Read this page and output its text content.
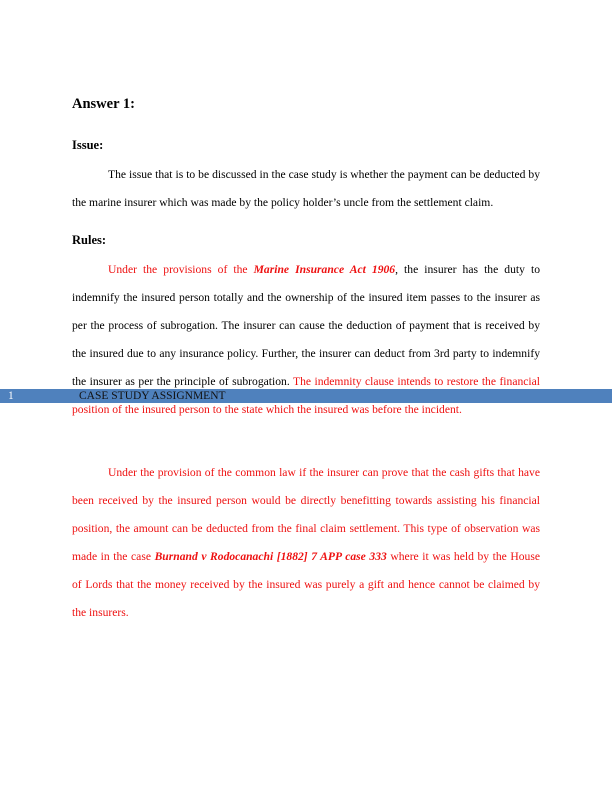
Answer 1:
Issue:

The issue that is to be discussed in the case study is whether the payment can be deducted by the marine insurer which was made by the policy holder’s uncle from the settlement claim.

Rules:

Under the provisions of the Marine Insurance Act 1906, the insurer has the duty to indemnify the insured person totally and the ownership of the insured item passes to the insurer as per the process of subrogation. The insurer can cause the deduction of payment that is received by the insured due to any insurance policy. Further, the insurer can deduct from 3rd party to indemnify the insurer as per the principle of subrogation. The indemnity clause intends to restore the financial position of the insured person to the state which the insured was before the incident.

Under the provision of the common law if the insurer can prove that the cash gifts that have been received by the insured person would be directly benefitting towards assisting his financial position, the amount can be deducted from the final claim settlement. This type of observation was made in the case Burnand v Rodocanachi [1882] 7 APP case 333 where it was held by the House of Lords that the money received by the insured was purely a gift and hence cannot be claimed by the insurers.

1	CASE STUDY ASSIGNMENT
